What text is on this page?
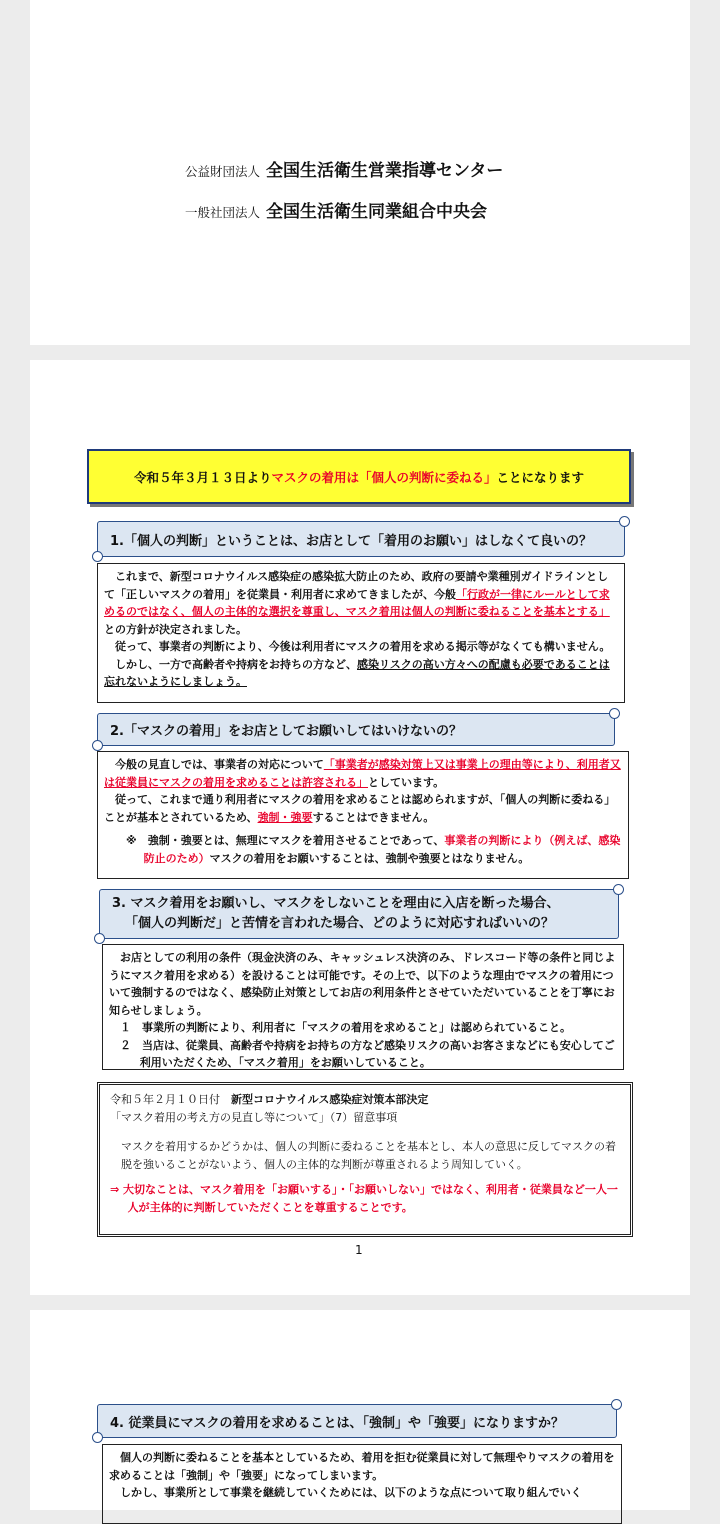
公益財団法人 全国生活衛生営業指導センター
一般社団法人 全国生活衛生同業組合中央会
令和５年３月１３日より マスクの着用は「個人の判断に委ねる」 ことになります
1.「個人の判断」ということは、お店として「着用のお願い」はしなくて良いの？

これまで、新型コロナウイルス感染症の感染拡大防止のため、政府の要請や業種別ガイドラインとして「正しいマスクの着用」を従業員・利用者に求めてきましたが、今般「行政が一律にルールとして求めるのではなく、個人の主体的な選択を尊重し、マスク着用は個人の判断に委ねることを基本とする」との方針が決定されました。

従って、事業者の判断により、今後は利用者にマスクの着用を求める掲示等がなくても構いません。

しかし、一方で高齢者や持病をお持ちの方など、感染リスクの高い方々への配慮も必要であることは忘れないようにしましょう。

2.「マスクの着用」をお店としてお願いしてはいけないの？

今般の見直しでは、事業者の対応について「事業者が感染対策上又は事業上の理由等により、利用者又は従業員にマスクの着用を求めることは許容される」としています。

従って、これまで通り利用者にマスクの着用を求めることは認められますが、「個人の判断に委ねる」ことが基本とされているため、強制・強要することはできません。

※　強制・強要とは、無理にマスクを着用させることであって、事業者の判断により（例えば、感染防止のため）マスクの着用をお願いすることは、強制や強要とはなりません。

3. マスク着用をお願いし、マスクをしないことを理由に入店を断った場合、
「個人の判断だ」と苦情を言われた場合、どのように対応すればいいの？

お店としての利用の条件（現金決済のみ、キャッシュレス決済のみ、ドレスコード等の条件と同じようにマスク着用を求める）を設けることは可能です。その上で、以下のような理由でマスクの着用について強制するのではなく、感染防止対策としてお店の利用条件とさせていただいていることを丁寧にお知らせしましょう。

１　事業所の判断により、利用者に「マスクの着用を求めること」は認められていること。

２　当店は、従業員、高齢者や持病をお持ちの方など感染リスクの高いお客さまなどにも安心してご利用いただくため、「マスク着用」をお願いしていること。

令和５年２月１０日付　 新型コロナウイルス感染症対策本部決定
「マスク着用の考え方の見直し等について」（7）留意事項
マスクを着用するかどうかは、個人の判断に委ねることを基本とし、本人の意思に反してマスクの着脱を強いることがないよう、個人の主体的な判断が尊重されるよう周知していく。
⇒ 大切なことは、マスク着用を「お願いする」・「お願いしない」ではなく、利用者・従業員など一人一人が主体的に判断していただくことを尊重することです。
1
4. 従業員にマスクの着用を求めることは、「強制」や「強要」になりますか？

個人の判断に委ねることを基本としているため、着用を拒む従業員に対して無理やりマスクの着用を求めることは「強制」や「強要」になってしまいます。

しかし、事業所として事業を継続していくためには、以下のような点について取り組んでいく
